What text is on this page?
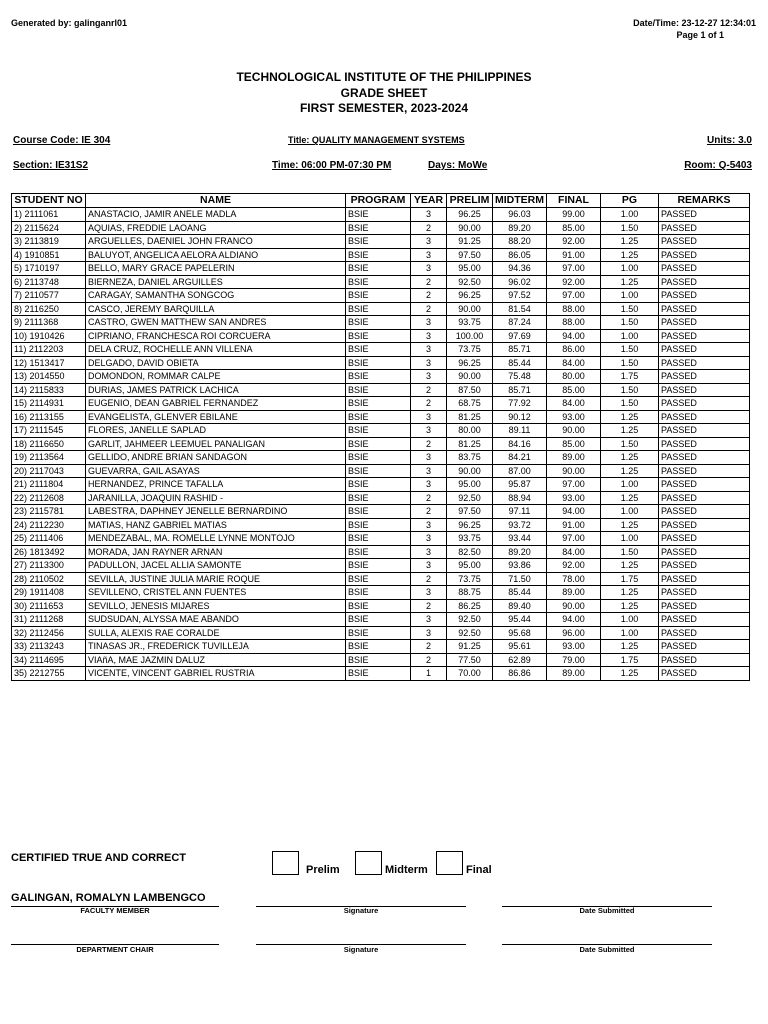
Generated by: galinganrl01	Date/Time: 23-12-27 12:34:01
Page 1 of 1
TECHNOLOGICAL INSTITUTE OF THE PHILIPPINES
GRADE SHEET
FIRST SEMESTER, 2023-2024
Course Code: IE 304	Title: QUALITY MANAGEMENT SYSTEMS	Units: 3.0
Section: IE31S2	Time: 06:00 PM-07:30 PM	Days: MoWe	Room: Q-5403
STUDENT NO	NAME	PROGRAM	YEAR	PRELIM	MIDTERM	FINAL	PG	REMARKS
1) 2111061	ANASTACIO, JAMIR ANELE MADLA	BSIE	3	96.25	96.03	99.00	1.00	PASSED
2) 2115624	AQUIAS, FREDDIE LAOANG	BSIE	2	90.00	89.20	85.00	1.50	PASSED
3) 2113819	ARGUELLES, DAENIEL JOHN FRANCO	BSIE	3	91.25	88.20	92.00	1.25	PASSED
4) 1910851	BALUYOT, ANGELICA AELORA ALDIANO	BSIE	3	97.50	86.05	91.00	1.25	PASSED
5) 1710197	BELLO, MARY GRACE PAPELERIN	BSIE	3	95.00	94.36	97.00	1.00	PASSED
6) 2113748	BIERNEZA, DANIEL ARGUILLES	BSIE	2	92.50	96.02	92.00	1.25	PASSED
7) 2110577	CARAGAY, SAMANTHA SONGCOG	BSIE	2	96.25	97.52	97.00	1.00	PASSED
8) 2116250	CASCO, JEREMY BARQUILLA	BSIE	2	90.00	81.54	88.00	1.50	PASSED
9) 2111368	CASTRO, GWEN MATTHEW SAN ANDRES	BSIE	3	93.75	87.24	88.00	1.50	PASSED
10) 1910426	CIPRIANO, FRANCHESCA ROI CORCUERA	BSIE	3	100.00	97.69	94.00	1.00	PASSED
11) 2112203	DELA CRUZ, ROCHELLE ANN VILLENA	BSIE	3	73.75	85.71	86.00	1.50	PASSED
12) 1513417	DELGADO, DAVID OBIETA	BSIE	3	96.25	85.44	84.00	1.50	PASSED
13) 2014550	DOMONDON, ROMMAR CALPE	BSIE	3	90.00	75.48	80.00	1.75	PASSED
14) 2115833	DURIAS, JAMES PATRICK LACHICA	BSIE	2	87.50	85.71	85.00	1.50	PASSED
15) 2114931	EUGENIO, DEAN GABRIEL FERNANDEZ	BSIE	2	68.75	77.92	84.00	1.50	PASSED
16) 2113155	EVANGELISTA, GLENVER EBILANE	BSIE	3	81.25	90.12	93.00	1.25	PASSED
17) 2111545	FLORES, JANELLE SAPLAD	BSIE	3	80.00	89.11	90.00	1.25	PASSED
18) 2116650	GARLIT, JAHMEER LEEMUEL PANALIGAN	BSIE	2	81.25	84.16	85.00	1.50	PASSED
19) 2113564	GELLIDO, ANDRE BRIAN SANDAGON	BSIE	3	83.75	84.21	89.00	1.25	PASSED
20) 2117043	GUEVARRA, GAIL ASAYAS	BSIE	3	90.00	87.00	90.00	1.25	PASSED
21) 2111804	HERNANDEZ, PRINCE TAFALLA	BSIE	3	95.00	95.87	97.00	1.00	PASSED
22) 2112608	JARANILLA, JOAQUIN RASHID -	BSIE	2	92.50	88.94	93.00	1.25	PASSED
23) 2115781	LABESTRA, DAPHNEY JENELLE BERNARDINO	BSIE	2	97.50	97.11	94.00	1.00	PASSED
24) 2112230	MATIAS, HANZ GABRIEL MATIAS	BSIE	3	96.25	93.72	91.00	1.25	PASSED
25) 2111406	MENDEZABAL, MA. ROMELLE LYNNE MONTOJO	BSIE	3	93.75	93.44	97.00	1.00	PASSED
26) 1813492	MORADA, JAN RAYNER ARNAN	BSIE	3	82.50	89.20	84.00	1.50	PASSED
27) 2113300	PADULLON, JACEL ALLIA SAMONTE	BSIE	3	95.00	93.86	92.00	1.25	PASSED
28) 2110502	SEVILLA, JUSTINE JULIA MARIE ROQUE	BSIE	2	73.75	71.50	78.00	1.75	PASSED
29) 1911408	SEVILLENO, CRISTEL ANN FUENTES	BSIE	3	88.75	85.44	89.00	1.25	PASSED
30) 2111653	SEVILLO, JENESIS MIJARES	BSIE	2	86.25	89.40	90.00	1.25	PASSED
31) 2111268	SUDSUDAN, ALYSSA MAE ABANDO	BSIE	3	92.50	95.44	94.00	1.00	PASSED
32) 2112456	SULLA, ALEXIS RAE CORALDE	BSIE	3	92.50	95.68	96.00	1.00	PASSED
33) 2113243	TINASAS JR., FREDERICK TUVILLEJA	BSIE	2	91.25	95.61	93.00	1.25	PASSED
34) 2114695	VIAñA, MAE JAZMIN DALUZ	BSIE	2	77.50	62.89	79.00	1.75	PASSED
35) 2212755	VICENTE, VINCENT GABRIEL RUSTRIA	BSIE	1	70.00	86.86	89.00	1.25	PASSED
CERTIFIED TRUE AND CORRECT
Prelim	Midterm	Final
GALINGAN, ROMALYN LAMBENGCO
FACULTY MEMBER	Signature	Date Submitted
DEPARTMENT CHAIR	Signature	Date Submitted
